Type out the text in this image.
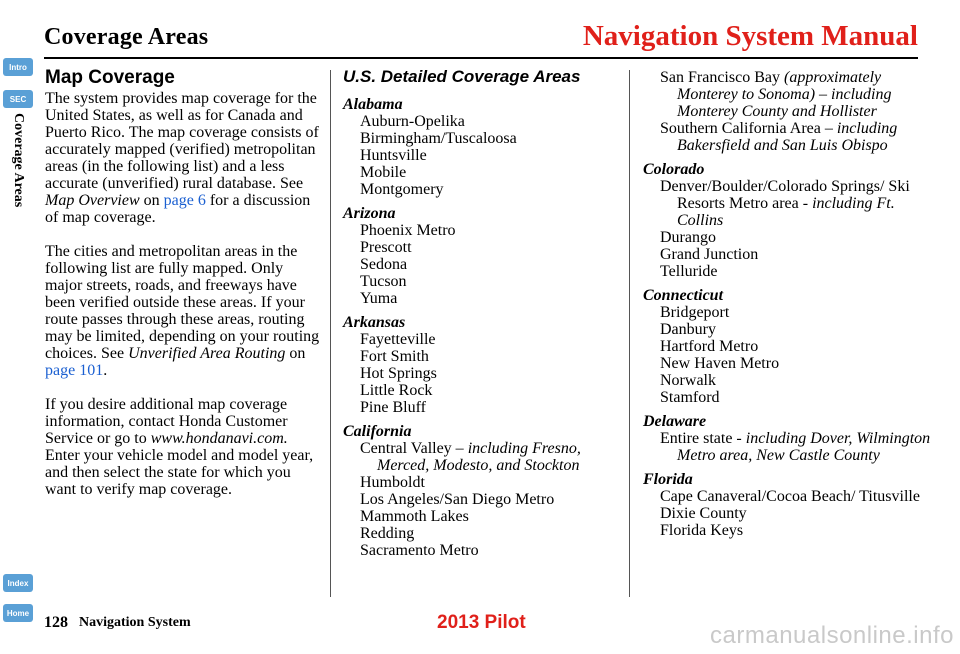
Coverage Areas	Navigation System Manual
Intro
SEC
Coverage Areas
Index
Home
Map Coverage

The system provides map coverage for the United States, as well as for Canada and Puerto Rico. The map coverage consists of accurately mapped (verified) metropolitan areas (in the following list) and a less accurate (unverified) rural database. See Map Overview on page 6 for a discussion of map coverage.

The cities and metropolitan areas in the following list are fully mapped. Only major streets, roads, and freeways have been verified outside these areas. If your route passes through these areas, routing may be limited, depending on your routing choices. See Unverified Area Routing on page 101.

If you desire additional map coverage information, contact Honda Customer Service or go to www.hondanavi.com. Enter your vehicle model and model year, and then select the state for which you want to verify map coverage.

U.S. Detailed Coverage Areas
Alabama
Auburn-Opelika
Birmingham/Tuscaloosa
Huntsville
Mobile
Montgomery
Arizona
Phoenix Metro
Prescott
Sedona
Tucson
Yuma
Arkansas
Fayetteville
Fort Smith
Hot Springs
Little Rock
Pine Bluff
California
Central Valley – including Fresno, Merced, Modesto, and Stockton
Humboldt
Los Angeles/San Diego Metro
Mammoth Lakes
Redding
Sacramento Metro
San Francisco Bay (approximately Monterey to Sonoma) – including Monterey County and Hollister
Southern California Area – including Bakersfield and San Luis Obispo
Colorado
Denver/Boulder/Colorado Springs/ Ski Resorts Metro area - including Ft. Collins
Durango
Grand Junction
Telluride
Connecticut
Bridgeport
Danbury
Hartford Metro
New Haven Metro
Norwalk
Stamford
Delaware
Entire state - including Dover, Wilmington Metro area, New Castle County
Florida
Cape Canaveral/Cocoa Beach/ Titusville
Dixie County
Florida Keys
128 Navigation System	2013 Pilot	carmanualsonline.info
